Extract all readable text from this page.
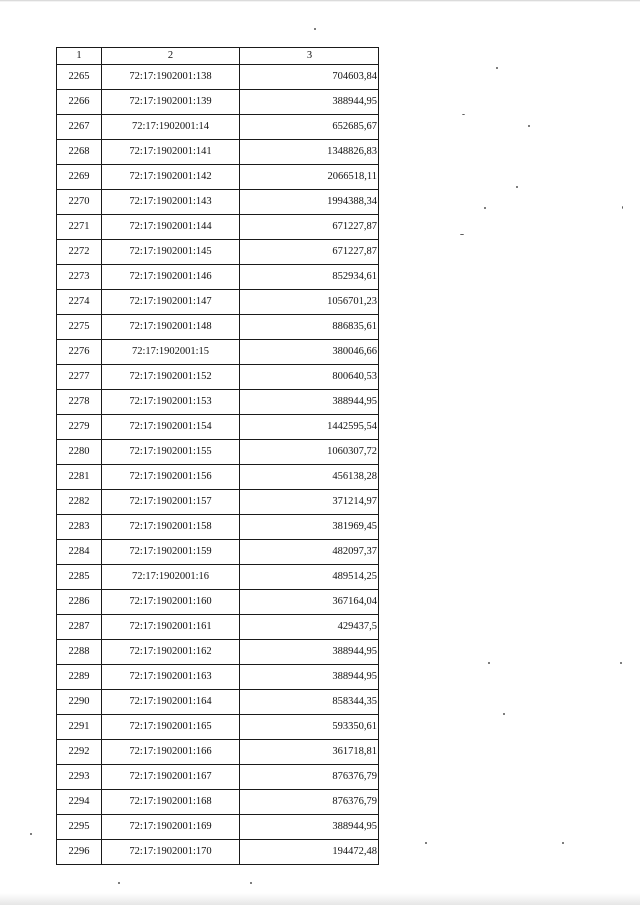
1	2	3
2265	72:17:1902001:138	704603,84
2266	72:17:1902001:139	388944,95
2267	72:17:1902001:14	652685,67
2268	72:17:1902001:141	1348826,83
2269	72:17:1902001:142	2066518,11
2270	72:17:1902001:143	1994388,34
2271	72:17:1902001:144	671227,87
2272	72:17:1902001:145	671227,87
2273	72:17:1902001:146	852934,61
2274	72:17:1902001:147	1056701,23
2275	72:17:1902001:148	886835,61
2276	72:17:1902001:15	380046,66
2277	72:17:1902001:152	800640,53
2278	72:17:1902001:153	388944,95
2279	72:17:1902001:154	1442595,54
2280	72:17:1902001:155	1060307,72
2281	72:17:1902001:156	456138,28
2282	72:17:1902001:157	371214,97
2283	72:17:1902001:158	381969,45
2284	72:17:1902001:159	482097,37
2285	72:17:1902001:16	489514,25
2286	72:17:1902001:160	367164,04
2287	72:17:1902001:161	429437,5
2288	72:17:1902001:162	388944,95
2289	72:17:1902001:163	388944,95
2290	72:17:1902001:164	858344,35
2291	72:17:1902001:165	593350,61
2292	72:17:1902001:166	361718,81
2293	72:17:1902001:167	876376,79
2294	72:17:1902001:168	876376,79
2295	72:17:1902001:169	388944,95
2296	72:17:1902001:170	194472,48
